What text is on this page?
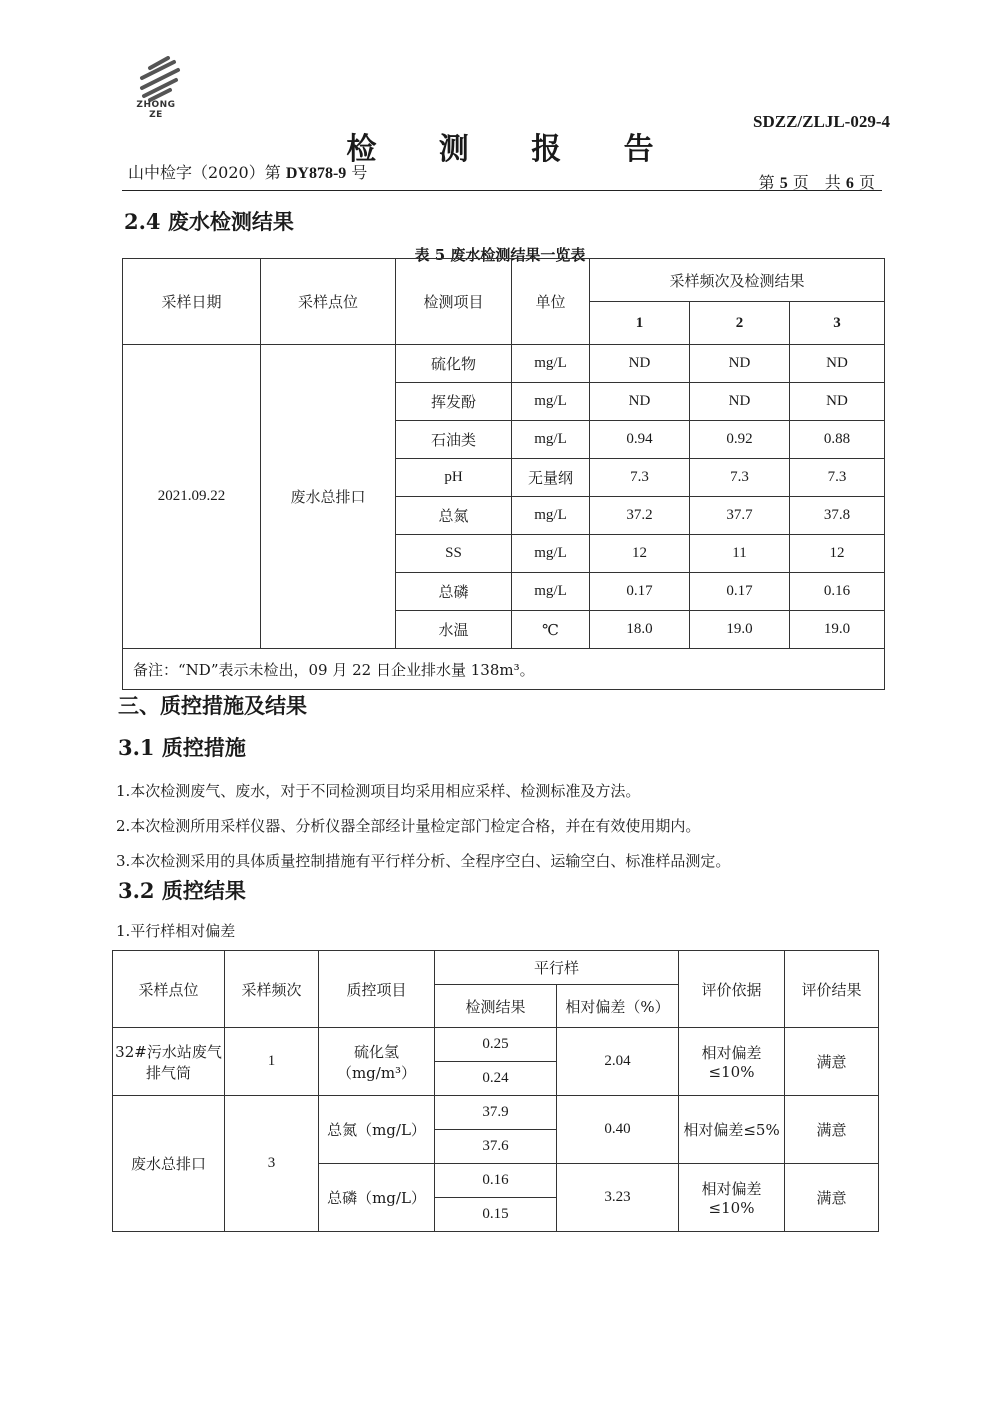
ZHONG ZE	SDZZ/ZLJL-029-4
检 测 报 告
山中检字（2020）第 DY878-9 号
第 5 页　共 6 页
2.4 废水检测结果
表 5 废水检测结果一览表
采样日期	采样点位	检测项目	单位	采样频次及检测结果		
				1	2	3
2021.09.22	废水总排口	硫化物	mg/L	ND	ND	ND
		挥发酚	mg/L	ND	ND	ND
		石油类	mg/L	0.94	0.92	0.88
		pH	无量纲	7.3	7.3	7.3
		总氮	mg/L	37.2	37.7	37.8
		SS	mg/L	12	11	12
		总磷	mg/L	0.17	0.17	0.16
		水温	℃	18.0	19.0	19.0
备注：“ND”表示未检出，09 月 22 日企业排水量 138m³。						
三、质控措施及结果
3.1 质控措施
1.本次检测废气、废水，对于不同检测项目均采用相应采样、检测标准及方法。
2.本次检测所用采样仪器、分析仪器全部经计量检定部门检定合格，并在有效使用期内。
3.本次检测采用的具体质量控制措施有平行样分析、全程序空白、运输空白、标准样品测定。
3.2 质控结果
1.平行样相对偏差
采样点位	采样频次	质控项目	平行样		评价依据	评价结果
			检测结果	相对偏差（%）		
32#污水站废气排气筒	1	硫化氢（mg/m³）	0.25	2.04	相对偏差≤10%	满意
			0.24			
废水总排口	3	总氮（mg/L）	37.9	0.40	相对偏差≤5%	满意
			37.6			
		总磷（mg/L）	0.16	3.23	相对偏差≤10%	满意
			0.15			
